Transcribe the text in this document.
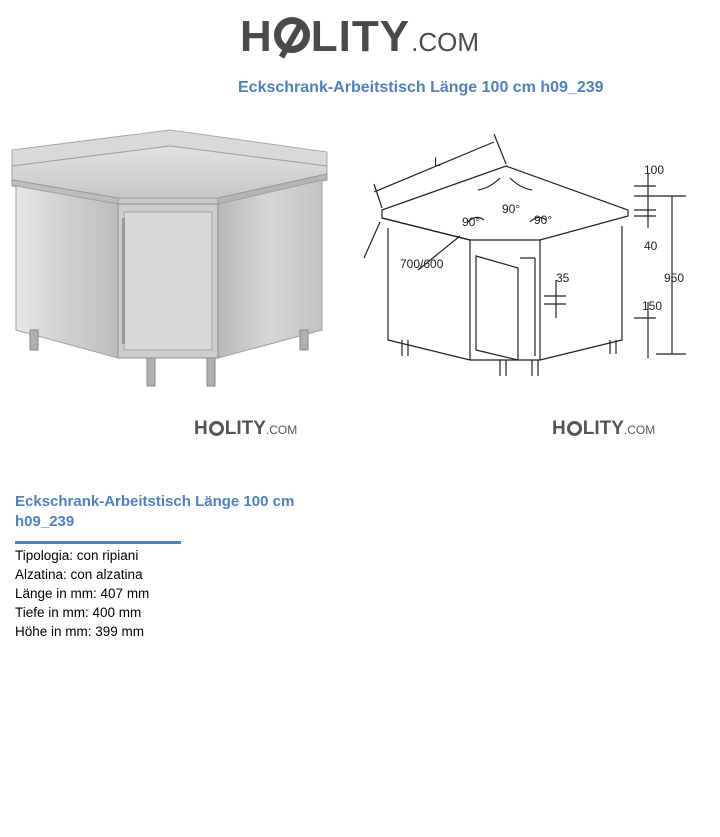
H LITY .COM
Eckschrank-Arbeitstisch Länge 100 cm h09_239
H LITY .COM
L
90°
90°
90°
700/600
100
40
950
35
150
H LITY .COM
Eckschrank-Arbeitstisch Länge 100 cm h09_239
Tipologia: con ripiani
Alzatina: con alzatina
Länge in mm: 407 mm
Tiefe in mm: 400 mm
Höhe in mm: 399 mm
